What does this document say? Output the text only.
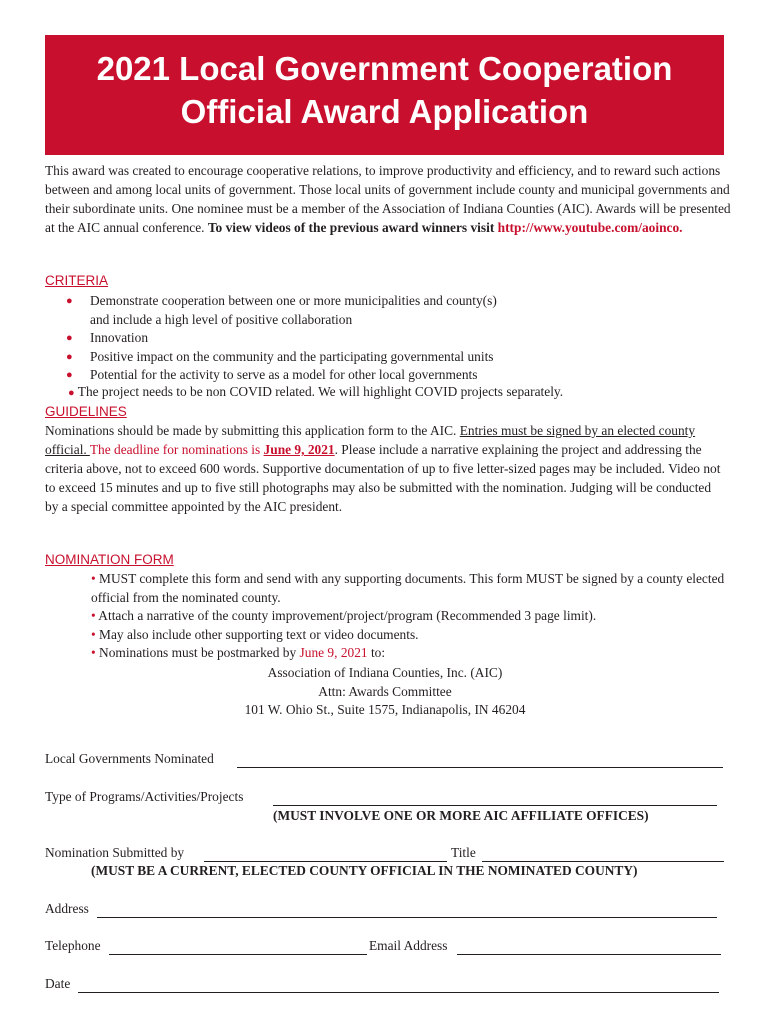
2021 Local Government Cooperation
Official Award Application
This award was created to encourage cooperative relations, to improve productivity and efficiency, and to reward such actions between and among local units of government. Those local units of government include county and municipal governments and their subordinate units. One nominee must be a member of the Association of Indiana Counties (AIC). Awards will be presented at the AIC annual conference. To view videos of the previous award winners visit http://www.youtube.com/aoinco.
CRITERIA
● Demonstrate cooperation between one or more municipalities and county(s)
and include a high level of positive collaboration
● Innovation
● Positive impact on the community and the participating governmental units
● Potential for the activity to serve as a model for other local governments
● The project needs to be non COVID related. We will highlight COVID projects separately.
GUIDELINES
Nominations should be made by submitting this application form to the AIC. Entries must be signed by an elected county official. The deadline for nominations is June 9, 2021. Please include a narrative explaining the project and addressing the criteria above, not to exceed 600 words. Supportive documentation of up to five letter-sized pages may be included. Video not to exceed 15 minutes and up to five still photographs may also be submitted with the nomination. Judging will be conducted by a special committee appointed by the AIC president.
NOMINATION FORM
• MUST complete this form and send with any supporting documents. This form MUST be signed by a county elected official from the nominated county.
• Attach a narrative of the county improvement/project/program (Recommended 3 page limit).
• May also include other supporting text or video documents.
• Nominations must be postmarked by June 9, 2021 to:
Association of Indiana Counties, Inc. (AIC)
Attn: Awards Committee
101 W. Ohio St., Suite 1575, Indianapolis, IN 46204
Local Governments Nominated
Type of Programs/Activities/Projects
(MUST INVOLVE ONE OR MORE AIC AFFILIATE OFFICES)
Nomination Submitted by	Title
(MUST BE A CURRENT, ELECTED COUNTY OFFICIAL IN THE NOMINATED COUNTY)
Address
Telephone	Email Address
Date
